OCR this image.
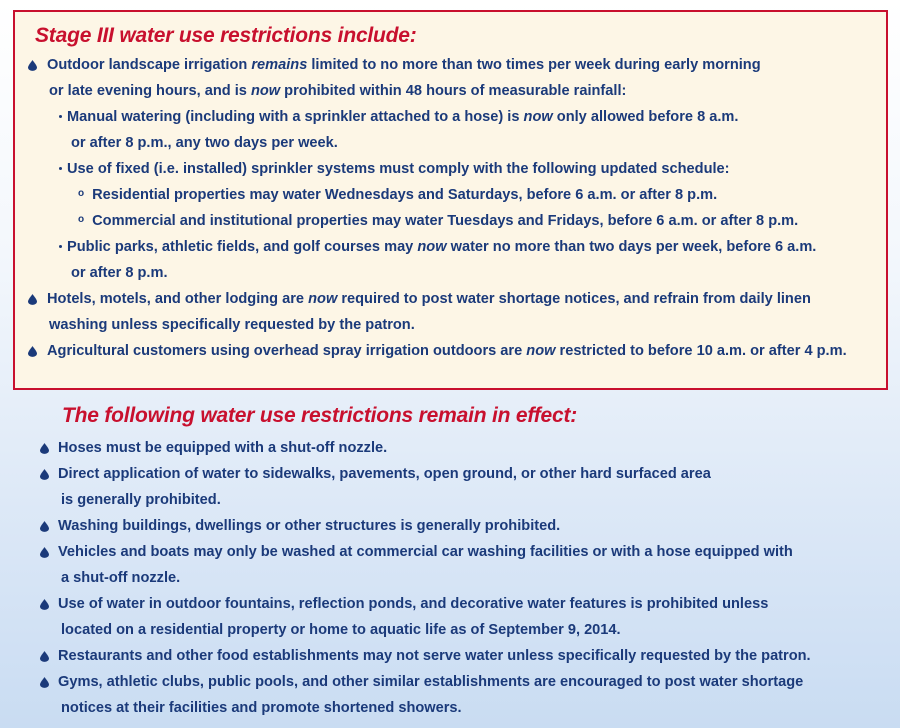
Stage III water use restrictions include:
Outdoor landscape irrigation remains limited to no more than two times per week during early morning
or late evening hours, and is now prohibited within 48 hours of measurable rainfall:
Manual watering (including with a sprinkler attached to a hose) is now only allowed before 8 a.m.
or after 8 p.m., any two days per week.
Use of fixed (i.e. installed) sprinkler systems must comply with the following updated schedule:
o Residential properties may water Wednesdays and Saturdays, before 6 a.m. or after 8 p.m.
o Commercial and institutional properties may water Tuesdays and Fridays, before 6 a.m. or after 8 p.m.
Public parks, athletic fields, and golf courses may now water no more than two days per week, before 6 a.m.
or after 8 p.m.
Hotels, motels, and other lodging are now required to post water shortage notices, and refrain from daily linen
washing unless specifically requested by the patron.
Agricultural customers using overhead spray irrigation outdoors are now restricted to before 10 a.m. or after 4 p.m.
The following water use restrictions remain in effect:
Hoses must be equipped with a shut-off nozzle.
Direct application of water to sidewalks, pavements, open ground, or other hard surfaced area
is generally prohibited.
Washing buildings, dwellings or other structures is generally prohibited.
Vehicles and boats may only be washed at commercial car washing facilities or with a hose equipped with
a shut-off nozzle.
Use of water in outdoor fountains, reflection ponds, and decorative water features is prohibited unless
located on a residential property or home to aquatic life as of September 9, 2014.
Restaurants and other food establishments may not serve water unless specifically requested by the patron.
Gyms, athletic clubs, public pools, and other similar establishments are encouraged to post water shortage
notices at their facilities and promote shortened showers.
